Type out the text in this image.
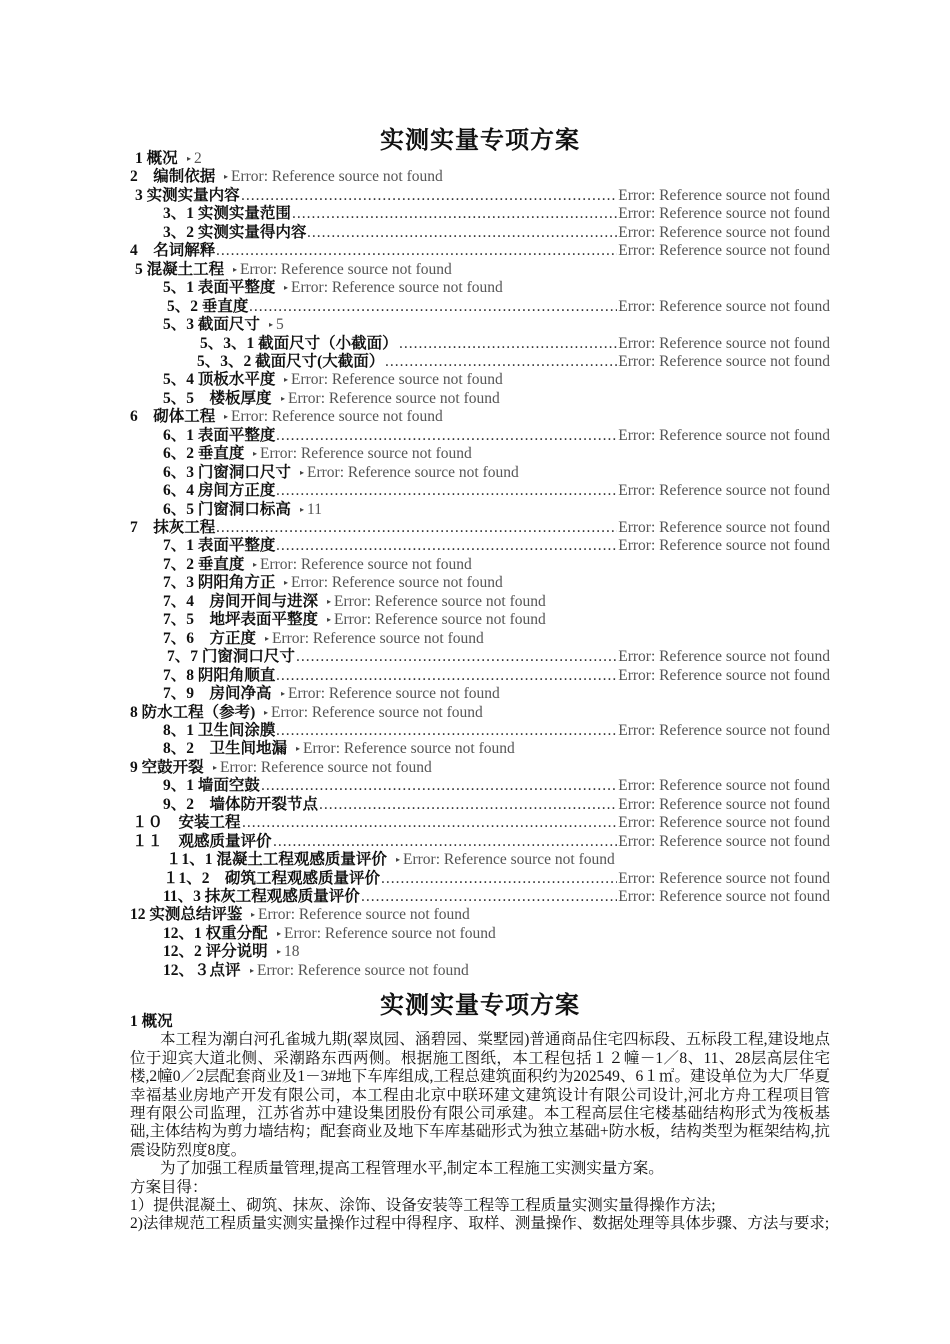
实测实量专项方案
1 概况	▸ 2
2　编制依据	▸ Error: Reference source not found
3 实测实量内容 .....	Error: Reference source not found
3、1 实测实量范围 .....	Error: Reference source not found
3、2 实测实量得内容 .....	Error: Reference source not found
4　名词解释 .....	Error: Reference source not found
5 混凝土工程	▸ Error: Reference source not found
5、1 表面平整度	▸ Error: Reference source not found
5、2 垂直度 .....	Error: Reference source not found
5、3 截面尺寸	▸ 5
5、3、1 截面尺寸（小截面） .....	Error: Reference source not found
5、3、2 截面尺寸(大截面） .....	Error: Reference source not found
5、4 顶板水平度	▸ Error: Reference source not found
5、5　楼板厚度	▸ Error: Reference source not found
6　砌体工程	▸ Error: Reference source not found
6、1 表面平整度 .....	Error: Reference source not found
6、2 垂直度	▸ Error: Reference source not found
6、3 门窗洞口尺寸	▸ Error: Reference source not found
6、4 房间方正度 .....	Error: Reference source not found
6、5 门窗洞口标高	▸ 11
7　抹灰工程 .....	Error: Reference source not found
7、1 表面平整度 .....	Error: Reference source not found
7、2 垂直度	▸ Error: Reference source not found
7、3 阴阳角方正	▸ Error: Reference source not found
7、4　房间开间与进深	▸ Error: Reference source not found
7、5　地坪表面平整度	▸ Error: Reference source not found
7、6　方正度	▸ Error: Reference source not found
7、7 门窗洞口尺寸 .....	Error: Reference source not found
7、8 阴阳角顺直 .....	Error: Reference source not found
7、9　房间净高	▸ Error: Reference source not found
8 防水工程（参考)	▸ Error: Reference source not found
8、1 卫生间涂膜 .....	Error: Reference source not found
8、2　卫生间地漏	▸ Error: Reference source not found
9 空鼓开裂	▸ Error: Reference source not found
9、1 墙面空鼓 .....	Error: Reference source not found
9、2　墙体防开裂节点 .....	Error: Reference source not found
１０　安装工程 .....	Error: Reference source not found
１１　观感质量评价 .....	Error: Reference source not found
１1、1 混凝土工程观感质量评价	▸ Error: Reference source not found
１1、2　砌筑工程观感质量评价 .....	Error: Reference source not found
11、3 抹灰工程观感质量评价 .....	Error: Reference source not found
12 实测总结评鉴	▸ Error: Reference source not found
12、1 权重分配	▸ Error: Reference source not found
12、2 评分说明	▸ 18
12、３点评	▸ Error: Reference source not found
实测实量专项方案

1 概况

本工程为潮白河孔雀城九期(翠岚园、涵碧园、棠墅园)普通商品住宅四标段、五标段工程,建设地点位于迎宾大道北侧、采潮路东西两侧。根据施工图纸，本工程包括１２幢－1／8、11、28层高层住宅楼,2幢0／2层配套商业及1－3#地下车库组成,工程总建筑面积约为202549、6１㎡。建设单位为大厂华夏幸福基业房地产开发有限公司，本工程由北京中联环建文建筑设计有限公司设计,河北方舟工程项目管理有限公司监理，江苏省苏中建设集团股份有限公司承建。本工程高层住宅楼基础结构形式为筏板基础,主体结构为剪力墙结构；配套商业及地下车库基础形式为独立基础+防水板，结构类型为框架结构,抗震设防烈度8度。

为了加强工程质量管理,提高工程管理水平,制定本工程施工实测实量方案。

方案目得：

1）提供混凝土、砌筑、抹灰、涂饰、设备安装等工程等工程质量实测实量得操作方法;

2)法律规范工程质量实测实量操作过程中得程序、取样、测量操作、数据处理等具体步骤、方法与要求;
